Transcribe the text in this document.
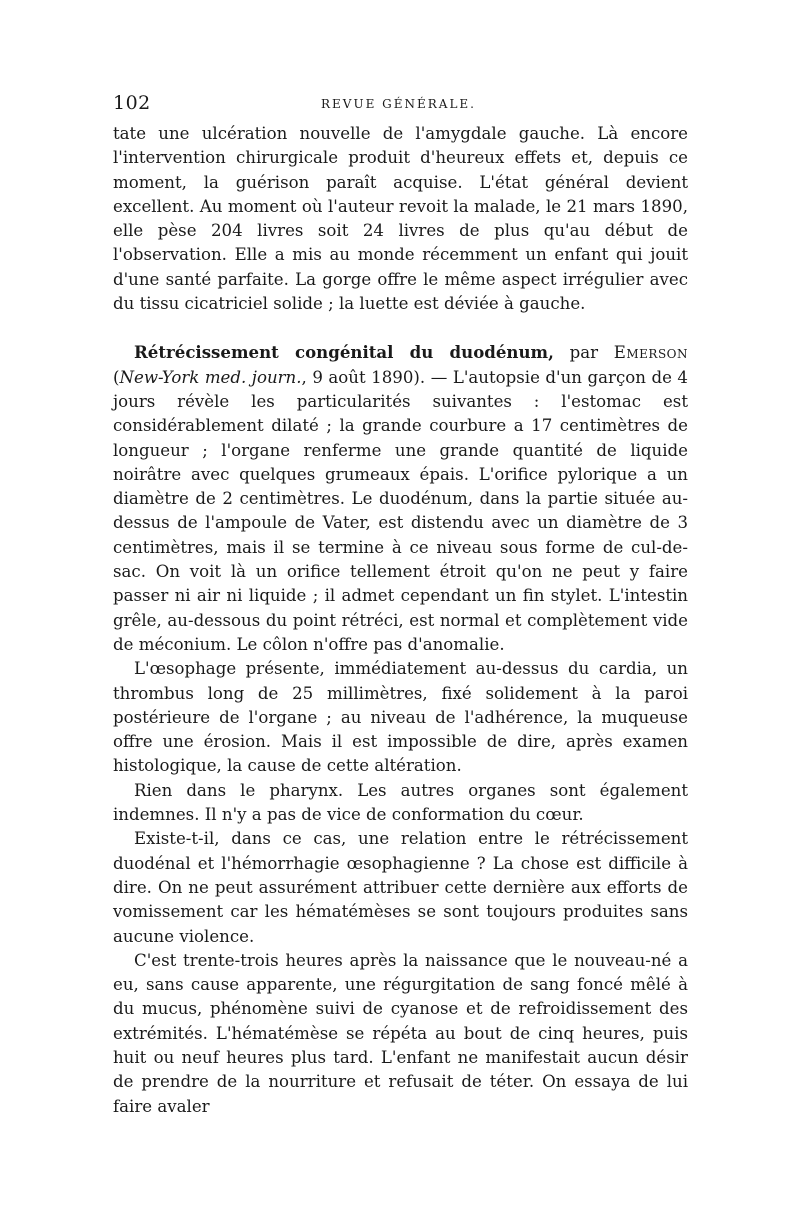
102	REVUE GÉNÉRALE.

tate une ulcération nouvelle de l'amygdale gauche. Là encore l'intervention chirurgicale produit d'heureux effets et, depuis ce moment, la guérison paraît acquise. L'état général devient excellent. Au moment où l'auteur revoit la malade, le 21 mars 1890, elle pèse 204 livres soit 24 livres de plus qu'au début de l'observation. Elle a mis au monde récemment un enfant qui jouit d'une santé parfaite. La gorge offre le même aspect irrégulier avec du tissu cicatriciel solide ; la luette est déviée à gauche.

Rétrécissement congénital du duodénum, par Emerson (New-York med. journ., 9 août 1890). — L'autopsie d'un garçon de 4 jours révèle les particularités suivantes : l'estomac est considérablement dilaté ; la grande courbure a 17 centimètres de longueur ; l'organe renferme une grande quantité de liquide noirâtre avec quelques grumeaux épais. L'orifice pylorique a un diamètre de 2 centimètres. Le duodénum, dans la partie située au-dessus de l'ampoule de Vater, est distendu avec un diamètre de 3 centimètres, mais il se termine à ce niveau sous forme de cul-de-sac. On voit là un orifice tellement étroit qu'on ne peut y faire passer ni air ni liquide ; il admet cependant un fin stylet. L'intestin grêle, au-dessous du point rétréci, est normal et complètement vide de méconium. Le côlon n'offre pas d'anomalie.

L'œsophage présente, immédiatement au-dessus du cardia, un thrombus long de 25 millimètres, fixé solidement à la paroi postérieure de l'organe ; au niveau de l'adhérence, la muqueuse offre une érosion. Mais il est impossible de dire, après examen histologique, la cause de cette altération.

Rien dans le pharynx. Les autres organes sont également indemnes. Il n'y a pas de vice de conformation du cœur.

Existe-t-il, dans ce cas, une relation entre le rétrécissement duodénal et l'hémorrhagie œsophagienne ? La chose est difficile à dire. On ne peut assurément attribuer cette dernière aux efforts de vomissement car les hématémèses se sont toujours produites sans aucune violence.

C'est trente-trois heures après la naissance que le nouveau-né a eu, sans cause apparente, une régurgitation de sang foncé mêlé à du mucus, phénomène suivi de cyanose et de refroidissement des extrémités. L'hématémèse se répéta au bout de cinq heures, puis huit ou neuf heures plus tard. L'enfant ne manifestait aucun désir de prendre de la nourriture et refusait de téter. On essaya de lui faire avaler
